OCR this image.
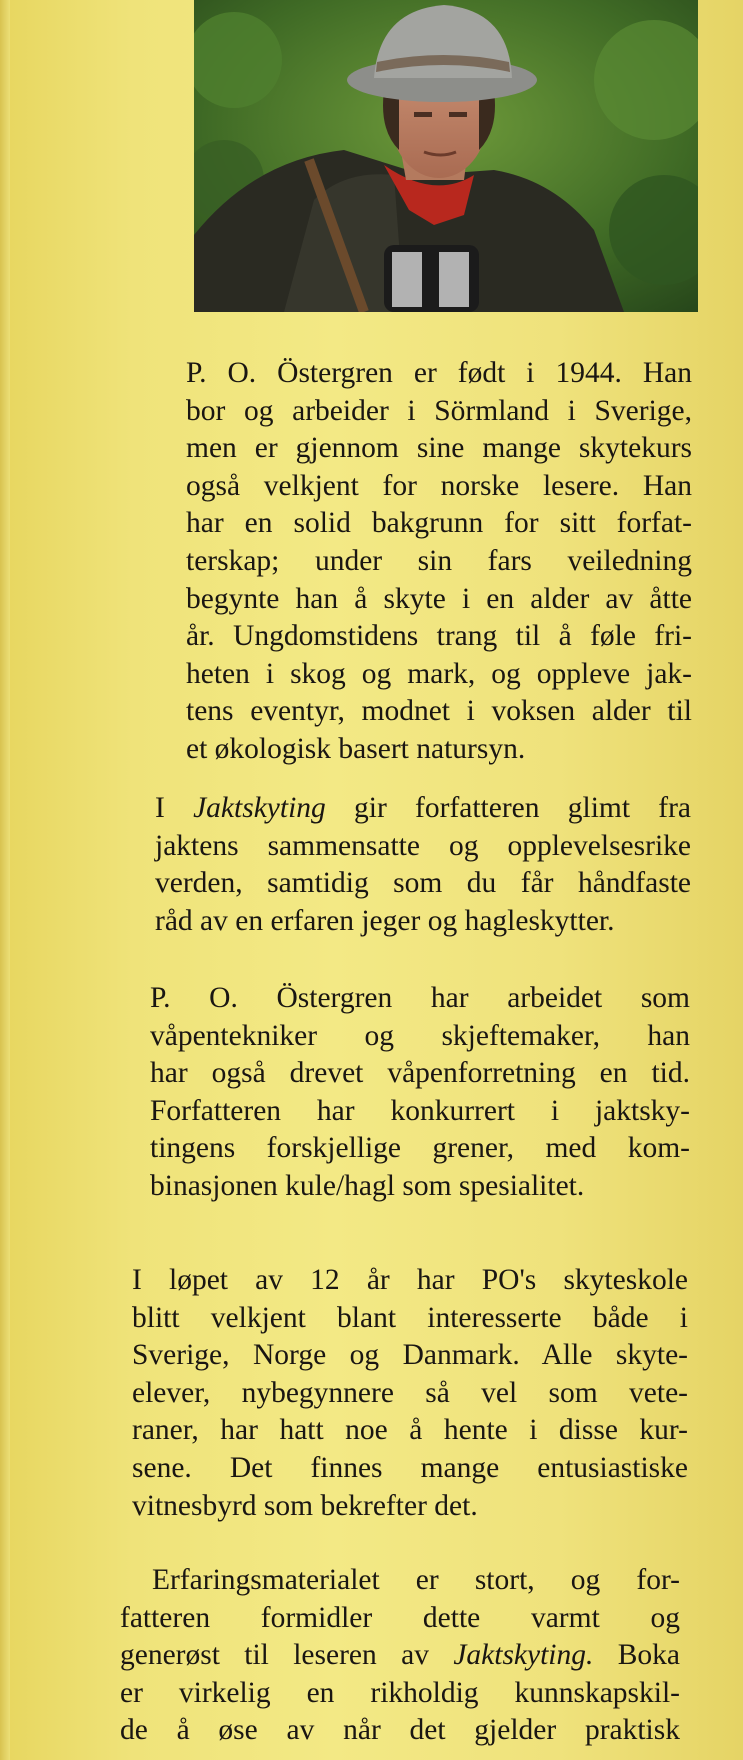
P. O. Östergren er født i 1944. Han
bor og arbeider i Sörmland i Sverige,
men er gjennom sine mange skytekurs
også velkjent for norske lesere. Han
har en solid bakgrunn for sitt forfat-
terskap; under sin fars veiledning
begynte han å skyte i en alder av åtte
år. Ungdomstidens trang til å føle fri-
heten i skog og mark, og oppleve jak-
tens eventyr, modnet i voksen alder til
et økologisk basert natursyn.
I Jaktskyting gir forfatteren glimt fra
jaktens sammensatte og opplevelsesrike
verden, samtidig som du får håndfaste
råd av en erfaren jeger og hagleskytter.
P. O. Östergren har arbeidet som
våpentekniker og skjeftemaker, han
har også drevet våpenforretning en tid.
Forfatteren har konkurrert i jaktsky-
tingens forskjellige grener, med kom-
binasjonen kule/hagl som spesialitet.
I løpet av 12 år har PO's skyteskole
blitt velkjent blant interesserte både i
Sverige, Norge og Danmark. Alle skyte-
elever, nybegynnere så vel som vete-
raner, har hatt noe å hente i disse kur-
sene. Det finnes mange entusiastiske
vitnesbyrd som bekrefter det.
Erfaringsmaterialet er stort, og for-
fatteren formidler dette varmt og
generøst til leseren av Jaktskyting. Boka
er virkelig en rikholdig kunnskapskil-
de å øse av når det gjelder praktisk
